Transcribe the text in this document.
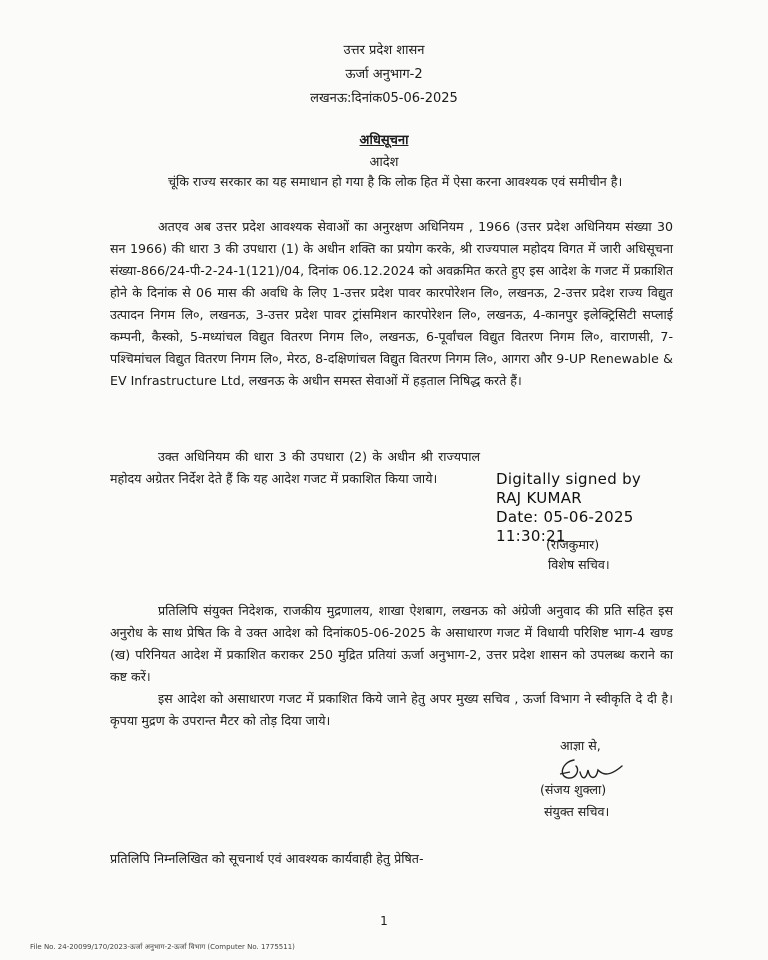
उत्तर प्रदेश शासन
ऊर्जा अनुभाग-2
लखनऊ:दिनांक05-06-2025
अधिसूचना
आदेश
चूंकि राज्य सरकार का यह समाधान हो गया है कि लोक हित में ऐसा करना आवश्यक एवं समीचीन है।
अतएव अब उत्तर प्रदेश आवश्यक सेवाओं का अनुरक्षण अधिनियम , 1966 (उत्तर प्रदेश अधिनियम संख्या 30 सन 1966) की धारा 3 की उपधारा (1) के अधीन शक्ति का प्रयोग करके, श्री राज्यपाल महोदय विगत में जारी अधिसूचना संख्या-866/24-पी-2-24-1(121)/04, दिनांक 06.12.2024 को अवक्रमित करते हुए इस आदेश के गजट में प्रकाशित होने के दिनांक से 06 मास की अवधि के लिए 1-उत्तर प्रदेश पावर कारपोरेशन लि०, लखनऊ, 2-उत्तर प्रदेश राज्य विद्युत उत्पादन निगम लि०, लखनऊ, 3-उत्तर प्रदेश पावर ट्रांसमिशन कारपोरेशन लि०, लखनऊ, 4-कानपुर इलेक्ट्रिसिटी सप्लाई कम्पनी, कैस्को, 5-मध्यांचल विद्युत वितरण निगम लि०, लखनऊ, 6-पूर्वांचल विद्युत वितरण निगम लि०, वाराणसी, 7-पश्चिमांचल विद्युत वितरण निगम लि०, मेरठ, 8-दक्षिणांचल विद्युत वितरण निगम लि०, आगरा और 9-UP Renewable & EV Infrastructure Ltd, लखनऊ के अधीन समस्त सेवाओं में हड़ताल निषिद्ध करते हैं।
उक्त अधिनियम की धारा 3 की उपधारा (2) के अधीन श्री राज्यपाल महोदय अग्रेतर निर्देश देते हैं कि यह आदेश गजट में प्रकाशित किया जाये।	Digitally signed by
RAJ KUMAR
Date: 05-06-2025
11:30:21
(राजकुमार)
विशेष सचिव।
प्रतिलिपि संयुक्त निदेशक, राजकीय मुद्रणालय, शाखा ऐशबाग, लखनऊ को अंग्रेजी अनुवाद की प्रति सहित इस अनुरोध के साथ प्रेषित कि वे उक्त आदेश को दिनांक05-06-2025 के असाधारण गजट में विधायी परिशिष्ट भाग-4 खण्ड (ख) परिनियत आदेश में प्रकाशित कराकर 250 मुद्रित प्रतियां ऊर्जा अनुभाग-2, उत्तर प्रदेश शासन को उपलब्ध कराने का कष्ट करें।
इस आदेश को असाधारण गजट में प्रकाशित किये जाने हेतु अपर मुख्य सचिव , ऊर्जा विभाग ने स्वीकृति दे दी है। कृपया मुद्रण के उपरान्त मैटर को तोड़ दिया जाये।
आज्ञा से,
(संजय शुक्ला)
संयुक्त सचिव।
प्रतिलिपि निम्नलिखित को सूचनार्थ एवं आवश्यक कार्यवाही हेतु प्रेषित-
1
File No. 24-20099/170/2023-ऊर्जा अनुभाग-2-ऊर्जा विभाग (Computer No. 1775511)
